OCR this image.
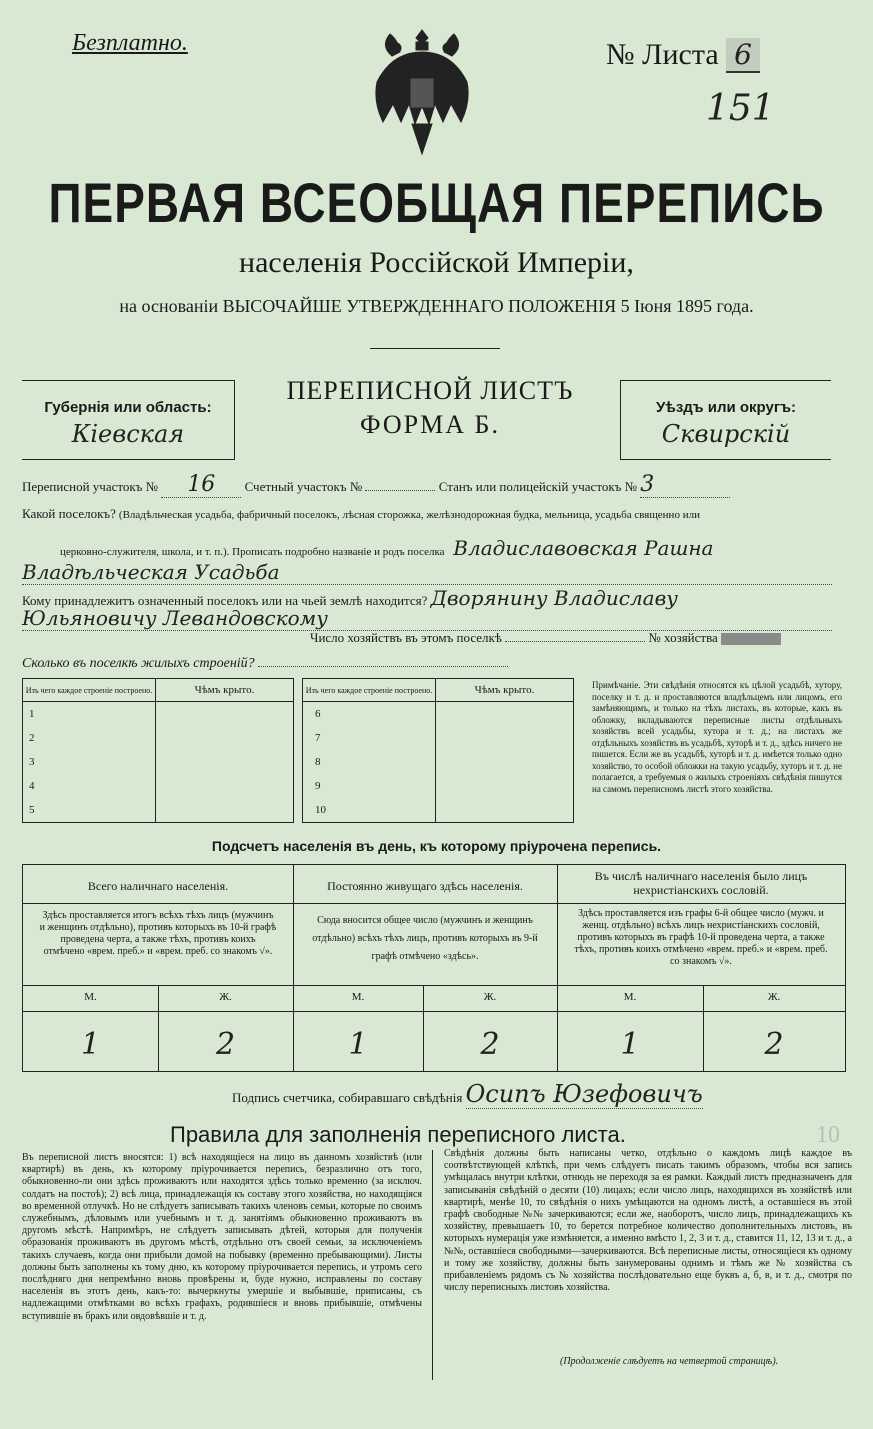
Безплатно.	№ Листа 6
151
ПЕРВАЯ ВСЕОБЩАЯ ПЕРЕПИСЬ
населенія Россійской Имперіи,
на основаніи ВЫСОЧАЙШЕ УТВЕРЖДЕННАГО ПОЛОЖЕНІЯ 5 Іюня 1895 года.
Губернія или область:
Кіевская
ПЕРЕПИСНОЙ ЛИСТЪ
ФОРМА Б.
Уѣздъ или округъ:
Сквирскій
Переписной участокъ № 16 Счетный участокъ №	Станъ или полицейскій участокъ № 3
Какой поселокъ? (Владѣльческая усадьба, фабричный поселокъ, лѣсная сторожка, желѣзнодорожная будка, мельница, усадьба священно или
церковно-служителя, школа, и т. п.). Прописать подробно названіе и родъ поселка Владиславовская Рашна
Владѣльческая Усадьба
Кому принадлежитъ означенный поселокъ или на чьей землѣ находится? Дворянину Владиславу
Юльяновичу Левандовскому
Число хозяйствъ въ этомъ поселкѣ	№ хозяйства
Сколько въ поселкѣ жилыхъ строеній?
Изъ чего каждое строеніе построено.	Чѣмъ крыто.
1	
2	
3	
4	
5	
Изъ чего каждое строеніе построено.	Чѣмъ крыто.
6	
7	
8	
9	
10	
Примѣчаніе. Эти свѣдѣнія относятся къ цѣлой усадьбѣ, хутору, поселку и т. д. и проставляются владѣльцемъ или лицомъ, его замѣняющимъ, и только на тѣхъ листахъ, въ которые, какъ въ обложку, вкладываются переписные листы отдѣльныхъ хозяйствъ всей усадьбы, хутора и т. д.; на листахъ же отдѣльныхъ хозяйствъ въ усадьбѣ, хуторѣ и т. д., здѣсь ничего не пишется. Если же въ усадьбѣ, хуторѣ и т. д. имѣется только одно хозяйство, то особой обложки на такую усадьбу, хуторъ и т. д. не полагается, а требуемыя о жилыхъ строеніяхъ свѣдѣнія пишутся на самомъ переписномъ листѣ этого хозяйства.
Подсчетъ населенія въ день, къ которому пріурочена перепись.
Всего наличнаго населенія.
Здѣсь проставляется итогъ всѣхъ тѣхъ лицъ (мужчинъ и женщинъ отдѣльно), противъ которыхъ въ 10-й графѣ проведена черта, а также тѣхъ, противъ коихъ отмѣчено «врем. преб.» и «врем. преб. со знакомъ √».
Постоянно живущаго здѣсь населенія.
Сюда вносится общее число (мужчинъ и женщинъ отдѣльно) всѣхъ тѣхъ лицъ, противъ которыхъ въ 9-й графѣ отмѣчено «здѣсь».
Въ числѣ наличнаго населенія было лицъ нехристіанскихъ сословій.
Здѣсь проставляется изъ графы 6-й общее число (мужч. и женщ. отдѣльно) всѣхъ лицъ нехристіанскихъ сословій, противъ которыхъ въ графѣ 10-й проведена черта, а также тѣхъ, противъ коихъ отмѣчено «врем. преб.» и «врем. преб. со знакомъ √».
М.	Ж.	М.	Ж.	М.	Ж.
1	2	1	2	1	2
Подпись счетчика, собиравшаго свѣдѣнія Осипъ Юзефовичъ
Правила для заполненія переписного листа.	10
Въ переписной листъ вносятся: 1) всѣ находящіеся на лицо въ данномъ хозяйствѣ (или квартирѣ) въ день, къ которому пріурочивается перепись, безразлично отъ того, обыкновенно-ли они здѣсь проживаютъ или находятся здѣсь только временно (за исключ. солдатъ на постоѣ); 2) всѣ лица, принадлежащія къ составу этого хозяйства, но находящіяся во временной отлучкѣ. Но не слѣдуетъ записывать такихъ членовъ семьи, которые по своимъ служебнымъ, дѣловымъ или учебнымъ и т. д. занятіямъ обыкновенно проживаютъ въ другомъ мѣстѣ. Напримѣръ, не слѣдуетъ записывать дѣтей, которыя для полученія образованія проживаютъ въ другомъ мѣстѣ, отдѣльно отъ своей семьи, за исключеніемъ такихъ случаевъ, когда они прибыли домой на побывку (временно пребывающими). Листы должны быть заполнены къ тому дню, къ которому пріурочивается перепись, и утромъ сего послѣдняго дня непремѣнно вновь провѣрены и, буде нужно, исправлены по составу населенія въ этотъ день, какъ-то: вычеркнуты умершіе и выбывшіе, приписаны, съ надлежащими отмѣтками во всѣхъ графахъ, родившіеся и вновь прибывшіе, отмѣчены вступившіе въ бракъ или овдовѣвшіе и т. д.
Свѣдѣнія должны быть написаны четко, отдѣльно о каждомъ лицѣ каждое въ соотвѣтствующей клѣткѣ, при чемъ слѣдуетъ писать такимъ образомъ, чтобы вся запись умѣщалась внутри клѣтки, отнюдь не переходя за ея рамки. Каждый листъ предназначенъ для записыванія свѣдѣній о десяти (10) лицахъ; если число лицъ, находящихся въ хозяйствѣ или квартирѣ, менѣе 10, то свѣдѣнія о нихъ умѣщаются на одномъ листѣ, а оставшіеся въ этой графѣ свободные №№ зачеркиваются; если же, наоборотъ, число лицъ, принадлежащихъ къ хозяйству, превышаетъ 10, то берется потребное количество дополнительныхъ листовъ, въ которыхъ нумерація уже измѣняется, а именно вмѣсто 1, 2, 3 и т. д., ставится 11, 12, 13 и т. д., а №№, оставшіеся свободными—зачеркиваются. Всѣ переписные листы, относящіеся къ одному и тому же хозяйству, должны быть занумерованы однимъ и тѣмъ же № хозяйства съ прибавленіемъ рядомъ съ № хозяйства послѣдовательно еще буквъ а, б, в, и т. д., смотря по числу переписныхъ листовъ хозяйства.
(Продолженіе слѣдуетъ на четвертой страницѣ).
